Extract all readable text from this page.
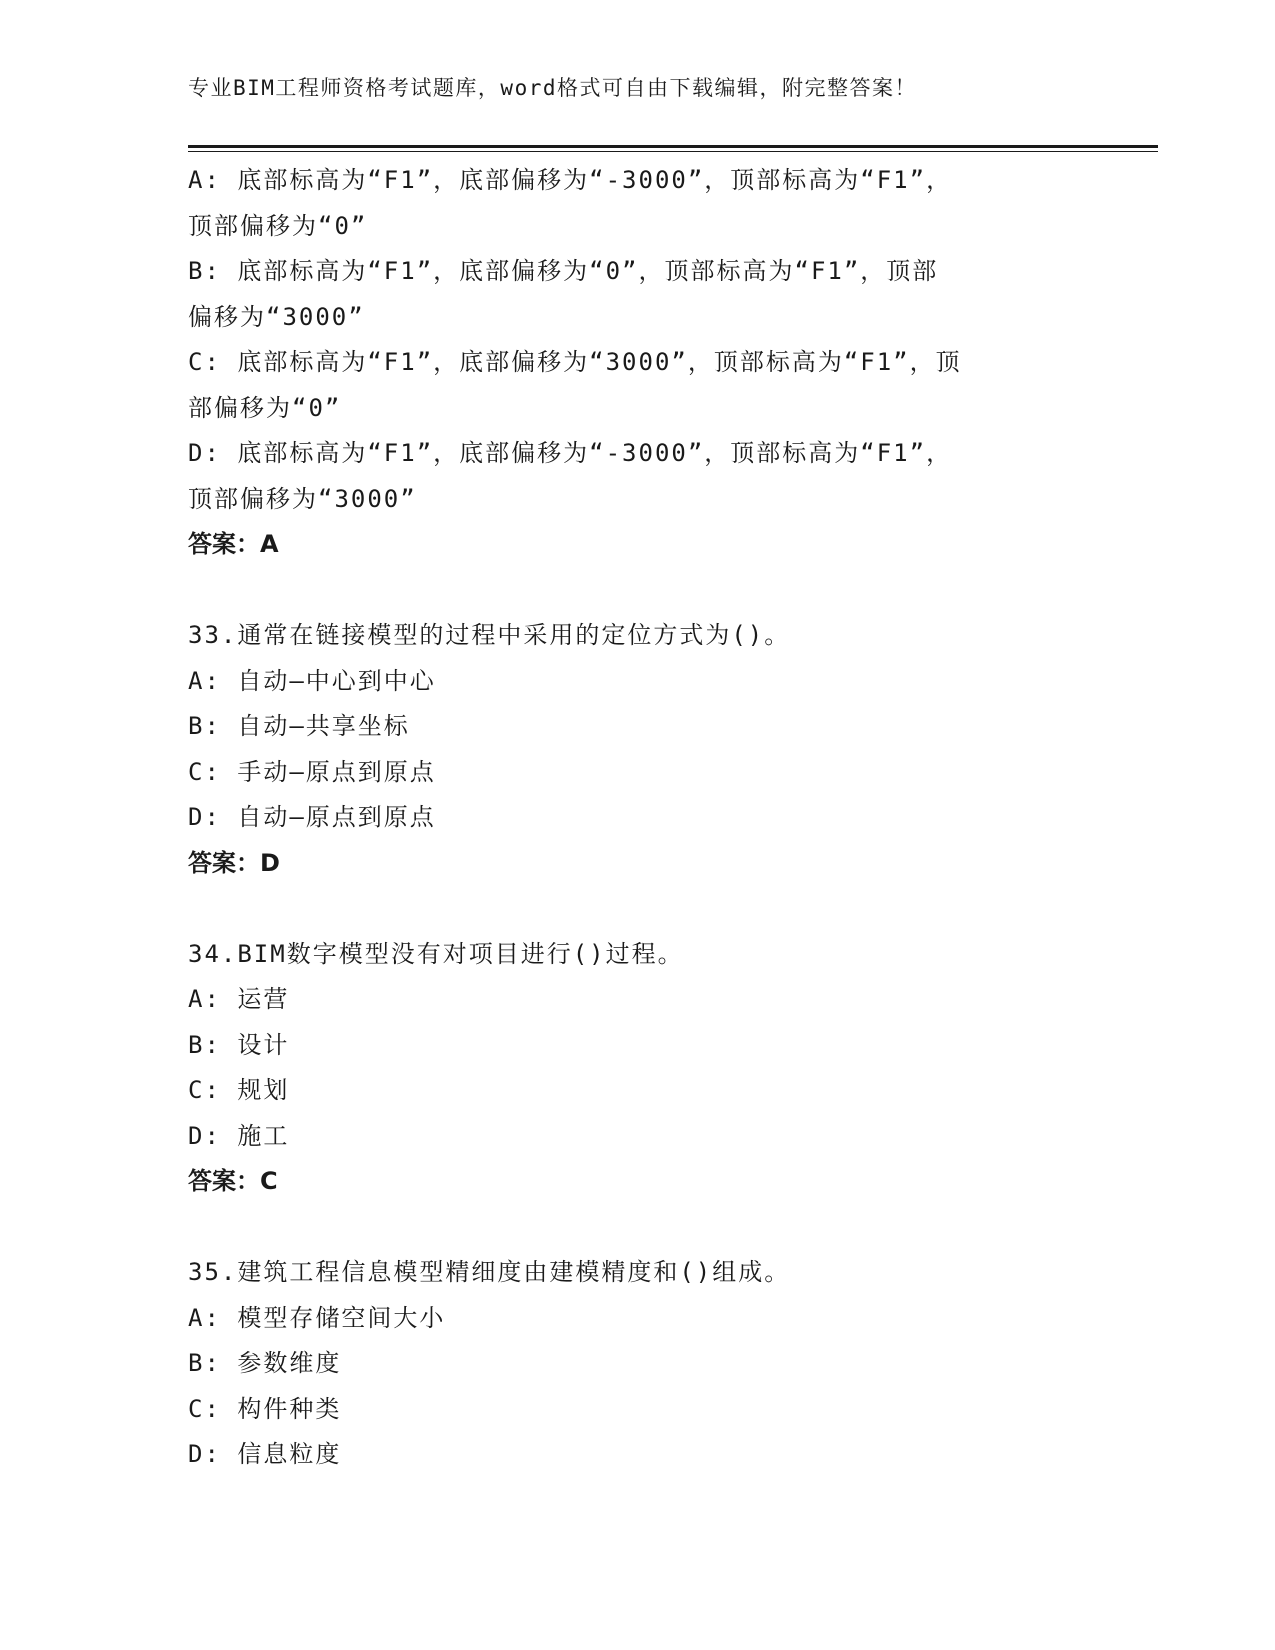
专业BIM工程师资格考试题库，word格式可自由下载编辑，附完整答案！
A: 底部标高为“F1”，底部偏移为“-3000”，顶部标高为“F1”，
顶部偏移为“0”
B: 底部标高为“F1”，底部偏移为“0”，顶部标高为“F1”，顶部
偏移为“3000”
C: 底部标高为“F1”，底部偏移为“3000”，顶部标高为“F1”，顶
部偏移为“0”
D: 底部标高为“F1”，底部偏移为“-3000”，顶部标高为“F1”，
顶部偏移为“3000”
答案：A
33.通常在链接模型的过程中采用的定位方式为()。
A: 自动—中心到中心
B: 自动—共享坐标
C: 手动—原点到原点
D: 自动—原点到原点
答案：D
34.BIM数字模型没有对项目进行()过程。
A: 运营
B: 设计
C: 规划
D: 施工
答案：C
35.建筑工程信息模型精细度由建模精度和()组成。
A: 模型存储空间大小
B: 参数维度
C: 构件种类
D: 信息粒度
